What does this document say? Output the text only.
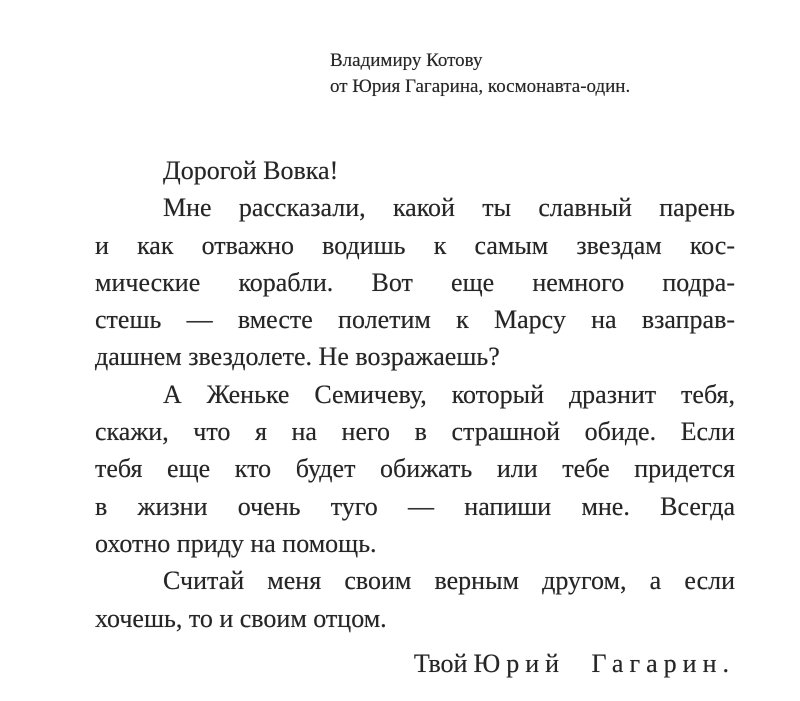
Владимиру Котову
от Юрия Гагарина, космонавта-один.
Дорогой Вовка!
Мне рассказали, какой ты славный парень
и как отважно водишь к самым звездам кос-
мические корабли. Вот еще немного подра-
стешь — вместе полетим к Марсу на взаправ-
дашнем звездолете. Не возражаешь?
А Женьке Семичеву, который дразнит тебя,
скажи, что я на него в страшной обиде. Если
тебя еще кто будет обижать или тебе придется
в жизни очень туго — напиши мне. Всегда
охотно приду на помощь.
Считай меня своим верным другом, а если
хочешь, то и своим отцом.
Твой Юрий Гагарин.
